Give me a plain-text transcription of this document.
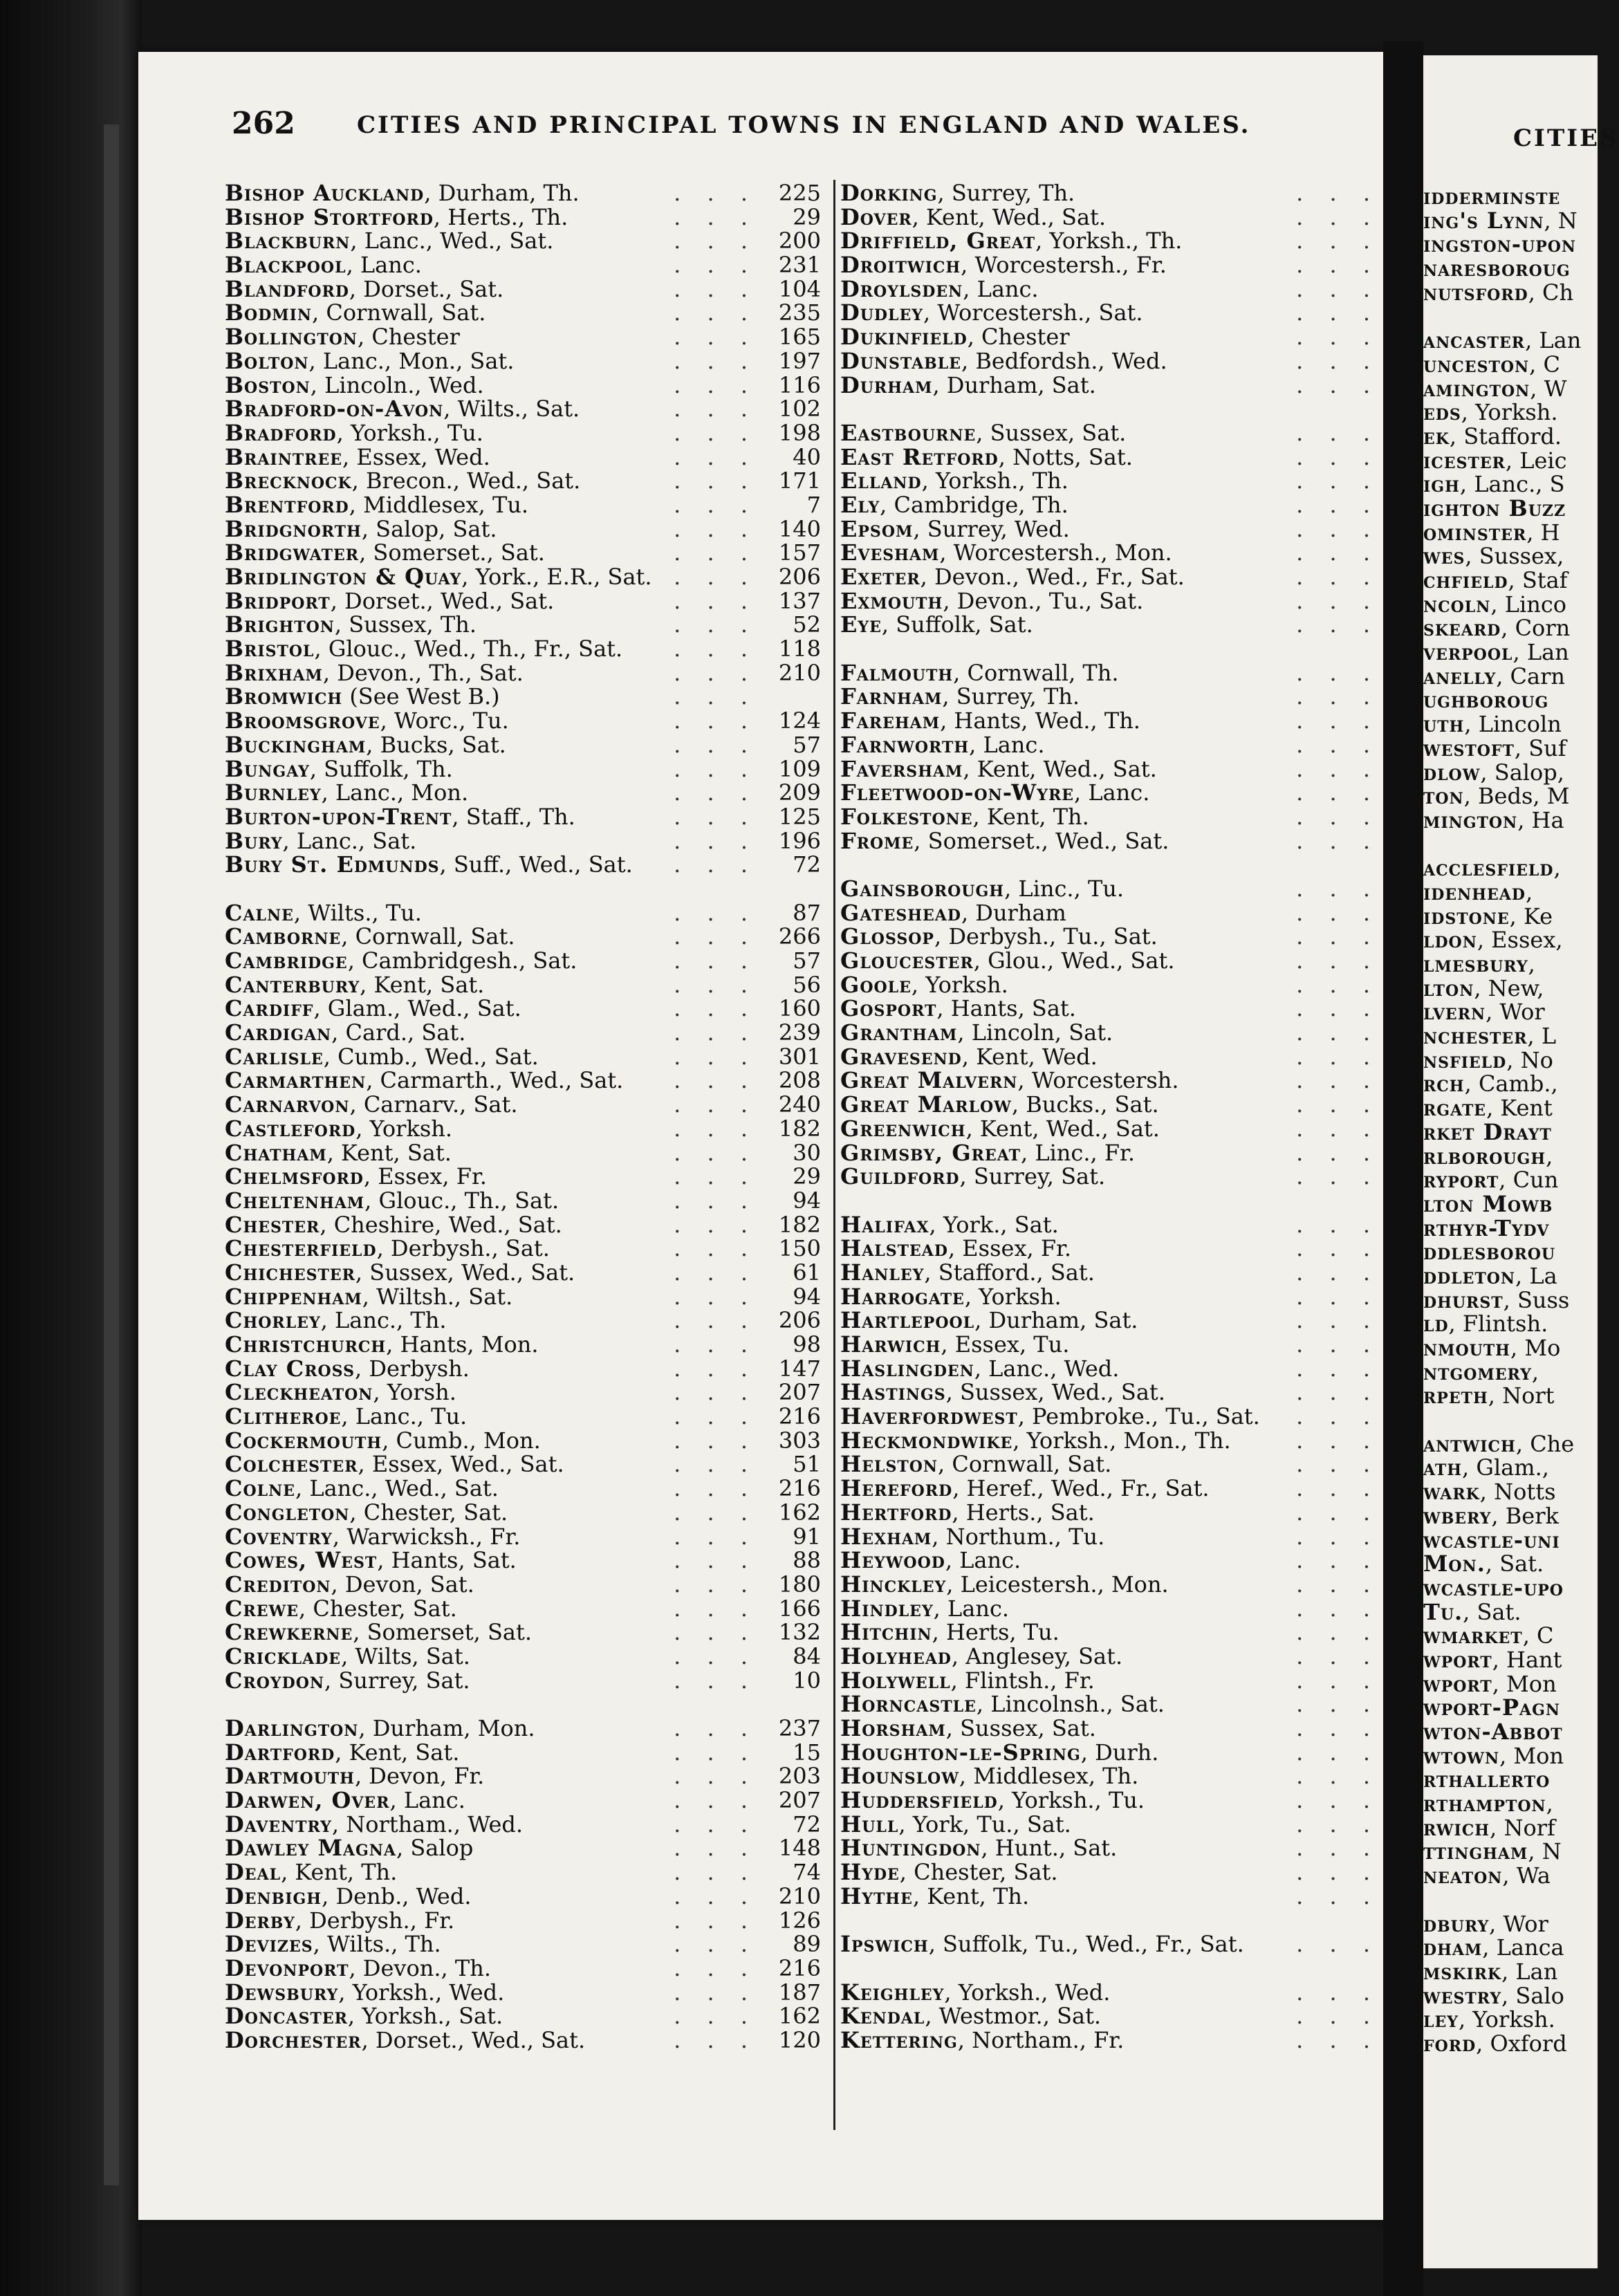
262	CITIES AND PRINCIPAL TOWNS IN ENGLAND AND WALES.
Bishop Auckland, Durham, Th.	. . . 225
Bishop Stortford, Herts., Th.	. . .	29
Blackburn, Lanc., Wed., Sat.	. . . 200
Blackpool, Lanc.	. . . 231
Blandford, Dorset., Sat.	. . . 104
Bodmin, Cornwall, Sat.	. . . 235
Bollington, Chester	. . . 165
Bolton, Lanc., Mon., Sat.	. . . 197
Boston, Lincoln., Wed.	. . . 116
Bradford-on-Avon, Wilts., Sat.	. . . 102
Bradford, Yorksh., Tu.	. . . 198
Braintree, Essex, Wed.	. . .	40
Brecknock, Brecon., Wed., Sat.	. . . 171
Brentford, Middlesex, Tu.	. . .	7
Bridgnorth, Salop, Sat.	. . . 140
Bridgwater, Somerset., Sat.	. . . 157
Bridlington & Quay, York., E.R., Sat. . . . 206
Bridport, Dorset., Wed., Sat.	. . . 137
Brighton, Sussex, Th.	. . .	52
Bristol, Glouc., Wed., Th., Fr., Sat. . . . 118
Brixham, Devon., Th., Sat.	. . . 210
Bromwich (See West B.)	. . .
Broomsgrove, Worc., Tu.	. . . 124
Buckingham, Bucks, Sat.	. . .	57
Bungay, Suffolk, Th.	. . . 109
Burnley, Lanc., Mon.	. . . 209
Burton-upon-Trent, Staff., Th.	. . . 125
Bury, Lanc., Sat.	. . . 196
Bury St. Edmunds, Suff., Wed., Sat. . . .	72
Calne, Wilts., Tu.	. . .	87
Camborne, Cornwall, Sat.	. . . 266
Cambridge, Cambridgesh., Sat.	. . .	57
Canterbury, Kent, Sat.	. . .	56
Cardiff, Glam., Wed., Sat.	. . . 160
Cardigan, Card., Sat.	. . . 239
Carlisle, Cumb., Wed., Sat.	. . . 301
Carmarthen, Carmarth., Wed., Sat. . . . 208
Carnarvon, Carnarv., Sat.	. . . 240
Castleford, Yorksh.	. . . 182
Chatham, Kent, Sat.	. . .	30
Chelmsford, Essex, Fr.	. . .	29
Cheltenham, Glouc., Th., Sat.	. . .	94
Chester, Cheshire, Wed., Sat.	. . . 182
Chesterfield, Derbysh., Sat.	. . . 150
Chichester, Sussex, Wed., Sat.	. . .	61
Chippenham, Wiltsh., Sat.	. . .	94
Chorley, Lanc., Th.	. . . 206
Christchurch, Hants, Mon.	. . .	98
Clay Cross, Derbysh.	. . . 147
Cleckheaton, Yorsh.	. . . 207
Clitheroe, Lanc., Tu.	. . . 216
Cockermouth, Cumb., Mon.	. . . 303
Colchester, Essex, Wed., Sat.	. . .	51
Colne, Lanc., Wed., Sat.	. . . 216
Congleton, Chester, Sat.	. . . 162
Coventry, Warwicksh., Fr.	. . .	91
Cowes, West, Hants, Sat.	. . .	88
Crediton, Devon, Sat.	. . . 180
Crewe, Chester, Sat.	. . . 166
Crewkerne, Somerset, Sat.	. . . 132
Cricklade, Wilts, Sat.	. . .	84
Croydon, Surrey, Sat.	. . .	10
Darlington, Durham, Mon.	. . . 237
Dartford, Kent, Sat.	. . .	15
Dartmouth, Devon, Fr.	. . . 203
Darwen, Over, Lanc.	. . . 207
Daventry, Northam., Wed.	. . .	72
Dawley Magna, Salop	. . . 148
Deal, Kent, Th.	. . .	74
Denbigh, Denb., Wed.	. . . 210
Derby, Derbysh., Fr.	. . . 126
Devizes, Wilts., Th.	. . .	89
Devonport, Devon., Th.	. . . 216
Dewsbury, Yorksh., Wed.	. . . 187
Doncaster, Yorksh., Sat.	. . . 162
Dorchester, Dorset., Wed., Sat.	. . . 120
Dorking, Surrey, Th.	. . .
Dover, Kent, Wed., Sat.	. . .
Driffield, Great, Yorksh., Th.	. . .
Droitwich, Worcestersh., Fr.	. . .
Droylsden, Lanc.	. . .
Dudley, Worcestersh., Sat.	. . .
Dukinfield, Chester	. . .
Dunstable, Bedfordsh., Wed.	. . .
Durham, Durham, Sat.	. . .
Eastbourne, Sussex, Sat.	. . .
East Retford, Notts, Sat.	. . .
Elland, Yorksh., Th.	. . .
Ely, Cambridge, Th.	. . .
Epsom, Surrey, Wed.	. . .
Evesham, Worcestersh., Mon.	. . .
Exeter, Devon., Wed., Fr., Sat.	. . .
Exmouth, Devon., Tu., Sat.	. . .
Eye, Suffolk, Sat.	. . .
Falmouth, Cornwall, Th.	. . .
Farnham, Surrey, Th.	. . .
Fareham, Hants, Wed., Th.	. . .
Farnworth, Lanc.	. . .
Faversham, Kent, Wed., Sat.	. . .
Fleetwood-on-Wyre, Lanc.	. . .
Folkestone, Kent, Th.	. . .
Frome, Somerset., Wed., Sat.	. . .
Gainsborough, Linc., Tu.	. . .
Gateshead, Durham	. . .
Glossop, Derbysh., Tu., Sat.	. . .
Gloucester, Glou., Wed., Sat.	. . .
Goole, Yorksh.	. . .
Gosport, Hants, Sat.	. . .
Grantham, Lincoln, Sat.	. . .
Gravesend, Kent, Wed.	. . .
Great Malvern, Worcestersh.	. . .
Great Marlow, Bucks., Sat.	. . .
Greenwich, Kent, Wed., Sat.	. . .
Grimsby, Great, Linc., Fr.	. . .
Guildford, Surrey, Sat.	. . .
Halifax, York., Sat.	. . .
Halstead, Essex, Fr.	. . .
Hanley, Stafford., Sat.	. . .
Harrogate, Yorksh.	. . .
Hartlepool, Durham, Sat.	. . .
Harwich, Essex, Tu.	. . .
Haslingden, Lanc., Wed.	. . .
Hastings, Sussex, Wed., Sat.	. . .
Haverfordwest, Pembroke., Tu., Sat. . . .
Heckmondwike, Yorksh., Mon., Th.	. . .
Helston, Cornwall, Sat.	. . .
Hereford, Heref., Wed., Fr., Sat.	. . .
Hertford, Herts., Sat.	. . .
Hexham, Northum., Tu.	. . .
Heywood, Lanc.	. . .
Hinckley, Leicestersh., Mon.	. . .
Hindley, Lanc.	. . .
Hitchin, Herts, Tu.	. . .
Holyhead, Anglesey, Sat.	. . .
Holywell, Flintsh., Fr.	. . .
Horncastle, Lincolnsh., Sat.	. . .
Horsham, Sussex, Sat.	. . .
Houghton-le-Spring, Durh.	. . .
Hounslow, Middlesex, Th.	. . .
Huddersfield, Yorksh., Tu.	. . .
Hull, York, Tu., Sat.	. . .
Huntingdon, Hunt., Sat.	. . .
Hyde, Chester, Sat.	. . .
Hythe, Kent, Th.	. . .
Ipswich, Suffolk, Tu., Wed., Fr., Sat. . . .
Keighley, Yorksh., Wed.	. . .
Kendal, Westmor., Sat.	. . .
Kettering, Northam., Fr.	. . .
CITIES
idderminste
ing's Lynn, N
ingston-upon
naresboroug
nutsford, Ch
ancaster, Lan
unceston, C
amington, W
eds, Yorksh.
ek, Stafford.
icester, Leic
igh, Lanc., S
ighton Buzz
ominster, H
wes, Sussex,
chfield, Staf
ncoln, Linco
skeard, Corn
verpool, Lan
anelly, Carn
ughboroug
uth, Lincoln
westoft, Suf
dlow, Salop,
ton, Beds, M
mington, Ha
acclesfield,
idenhead,
idstone, Ke
ldon, Essex,
lmesbury,
lton, New,
lvern, Wor
nchester, L
nsfield, No
rch, Camb.,
rgate, Kent
rket Drayt
rlborough,
ryport, Cun
lton Mowb
rthyr-Tydv
ddlesborou
ddleton, La
dhurst, Suss
ld, Flintsh.
nmouth, Mo
ntgomery,
rpeth, Nort
antwich, Che
ath, Glam.,
wark, Notts
wbery, Berk
wcastle-uni
Mon., Sat.
wcastle-upo
Tu., Sat.
wmarket, C
wport, Hant
wport, Mon
wport-Pagn
wton-Abbot
wtown, Mon
rthallerto
rthampton,
rwich, Norf
ttingham, N
neaton, Wa
dbury, Wor
dham, Lanca
mskirk, Lan
westry, Salo
ley, Yorksh.
ford, Oxford
